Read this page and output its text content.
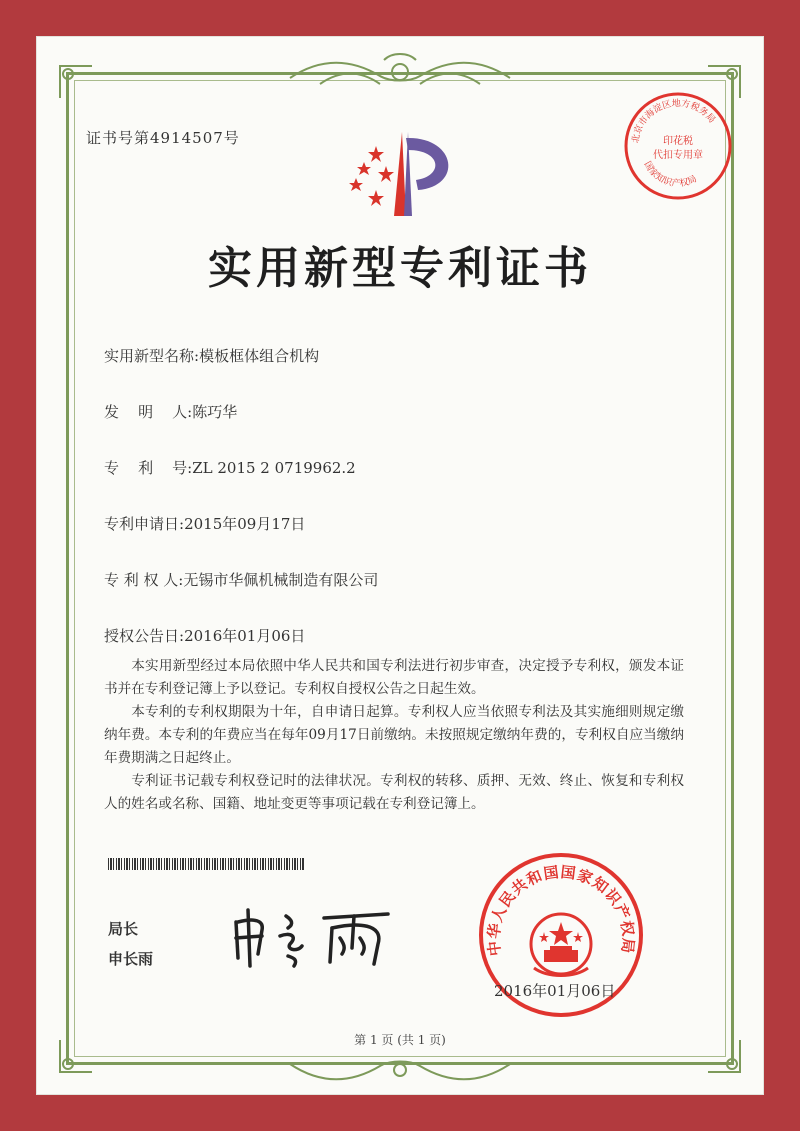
证书号第4914507号	北京市海淀区地方税务局
印花税
代扣专用章
国家知识产权局
实用新型专利证书
实用新型名称:模板框体组合机构
发    明    人:陈巧华
专    利    号:ZL 2015 2 0719962.2
专利申请日:2015年09月17日
专 利 权 人:无锡市华佩机械制造有限公司
授权公告日:2016年01月06日

本实用新型经过本局依照中华人民共和国专利法进行初步审查，决定授予专利权，颁发本证书并在专利登记簿上予以登记。专利权自授权公告之日起生效。

本专利的专利权期限为十年，自申请日起算。专利权人应当依照专利法及其实施细则规定缴纳年费。本专利的年费应当在每年09月17日前缴纳。未按照规定缴纳年费的，专利权自应当缴纳年费期满之日起终止。

专利证书记载专利权登记时的法律状况。专利权的转移、质押、无效、终止、恢复和专利权人的姓名或名称、国籍、地址变更等事项记载在专利登记簿上。

局长
申长雨
中华人民共和国国家知识产权局
2016年01月06日
第 1 页 (共 1 页)
